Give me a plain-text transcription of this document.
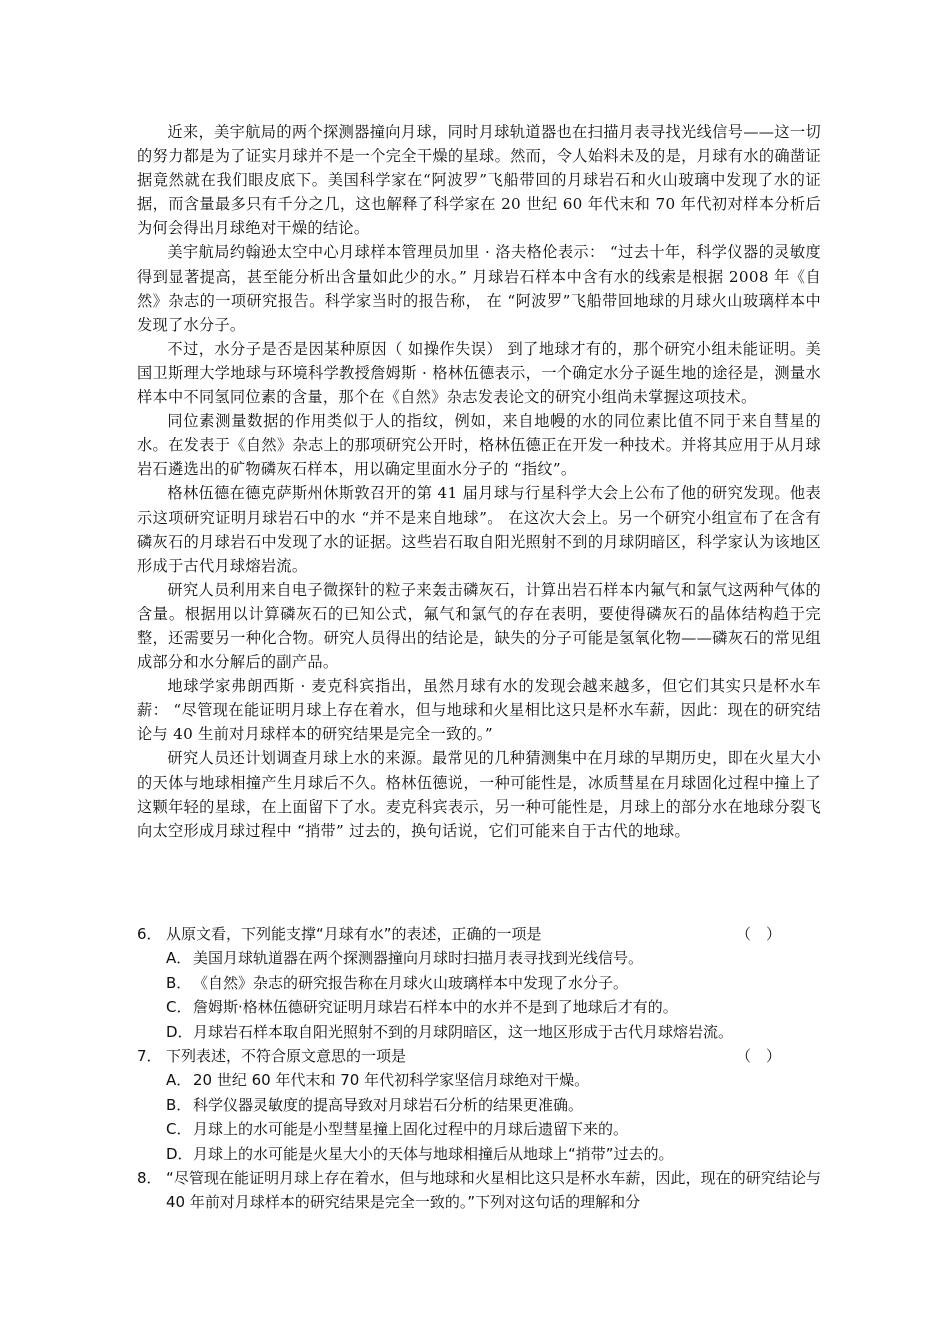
近来，美宇航局的两个探测器撞向月球，同时月球轨道器也在扫描月表寻找光线信号——这一切的努力都是为了证实月球并不是一个完全干燥的星球。然而，令人始料未及的是，月球有水的确凿证据竟然就在我们眼皮底下。美国科学家在“阿波罗”飞船带回的月球岩石和火山玻璃中发现了水的证据，而含量最多只有千分之几，这也解释了科学家在 20 世纪 60 年代末和 70 年代初对样本分析后为何会得出月球绝对干燥的结论。

美宇航局约翰逊太空中心月球样本管理员加里 · 洛夫格伦表示： “过去十年，科学仪器的灵敏度得到显著提高，甚至能分析出含量如此少的水。” 月球岩石样本中含有水的线索是根据 2008 年《自然》杂志的一项研究报告。科学家当时的报告称， 在 “阿波罗”飞船带回地球的月球火山玻璃样本中发现了水分子。

不过，水分子是否是因某种原因（ 如操作失误） 到了地球才有的，那个研究小组未能证明。美国卫斯理大学地球与环境科学教授詹姆斯 · 格林伍德表示，一个确定水分子诞生地的途径是，测量水样本中不同氢同位素的含量，那个在《自然》杂志发表论文的研究小组尚未掌握这项技术。

同位素测量数据的作用类似于人的指纹，例如，来自地幔的水的同位素比值不同于来自彗星的水。在发表于《自然》杂志上的那项研究公开时，格林伍德正在开发一种技术。并将其应用于从月球岩石遴选出的矿物磷灰石样本，用以确定里面水分子的 “指纹”。

格林伍德在德克萨斯州休斯敦召开的第 41 届月球与行星科学大会上公布了他的研究发现。他表示这项研究证明月球岩石中的水 “并不是来自地球”。 在这次大会上。另一个研究小组宣布了在含有磷灰石的月球岩石中发现了水的证据。这些岩石取自阳光照射不到的月球阴暗区，科学家认为该地区形成于古代月球熔岩流。

研究人员利用来自电子微探针的粒子来轰击磷灰石，计算出岩石样本内氟气和氯气这两种气体的含量。根据用以计算磷灰石的已知公式，氟气和氯气的存在表明，要使得磷灰石的晶体结构趋于完整，还需要另一种化合物。研究人员得出的结论是，缺失的分子可能是氢氧化物——磷灰石的常见组成部分和水分解后的副产品。

地球学家弗朗西斯 · 麦克科宾指出，虽然月球有水的发现会越来越多，但它们其实只是杯水车薪： “尽管现在能证明月球上存在着水，但与地球和火星相比这只是杯水车薪，因此：现在的研究结论与 40 生前对月球样本的研究结果是完全一致的。”

研究人员还计划调查月球上水的来源。最常见的几种猜测集中在月球的早期历史，即在火星大小的天体与地球相撞产生月球后不久。格林伍德说，一种可能性是，冰质彗星在月球固化过程中撞上了这颗年轻的星球，在上面留下了水。麦克科宾表示，另一种可能性是，月球上的部分水在地球分裂飞向太空形成月球过程中 “捎带” 过去的，换句话说，它们可能来自于古代的地球。

6． 从原文看，下列能支撑“月球有水”的表述，正确的一项是	（　）
A． 美国月球轨道器在两个探测器撞向月球时扫描月表寻找到光线信号。
B． 《自然》杂志的研究报告称在月球火山玻璃样本中发现了水分子。
C． 詹姆斯·格林伍德研究证明月球岩石样本中的水并不是到了地球后才有的。
D． 月球岩石样本取自阳光照射不到的月球阴暗区，这一地区形成于古代月球熔岩流。
7． 下列表述，不符合原文意思的一项是	（　）
A． 20 世纪 60 年代末和 70 年代初科学家坚信月球绝对干燥。
B． 科学仪器灵敏度的提高导致对月球岩石分析的结果更准确。
C． 月球上的水可能是小型彗星撞上固化过程中的月球后遗留下来的。
D． 月球上的水可能是火星大小的天体与地球相撞后从地球上“捎带”过去的。
8． “尽管现在能证明月球上存在着水，但与地球和火星相比这只是杯水车薪，因此，现在的研究结论与 40 年前对月球样本的研究结果是完全一致的。”下列对这句话的理解和分
